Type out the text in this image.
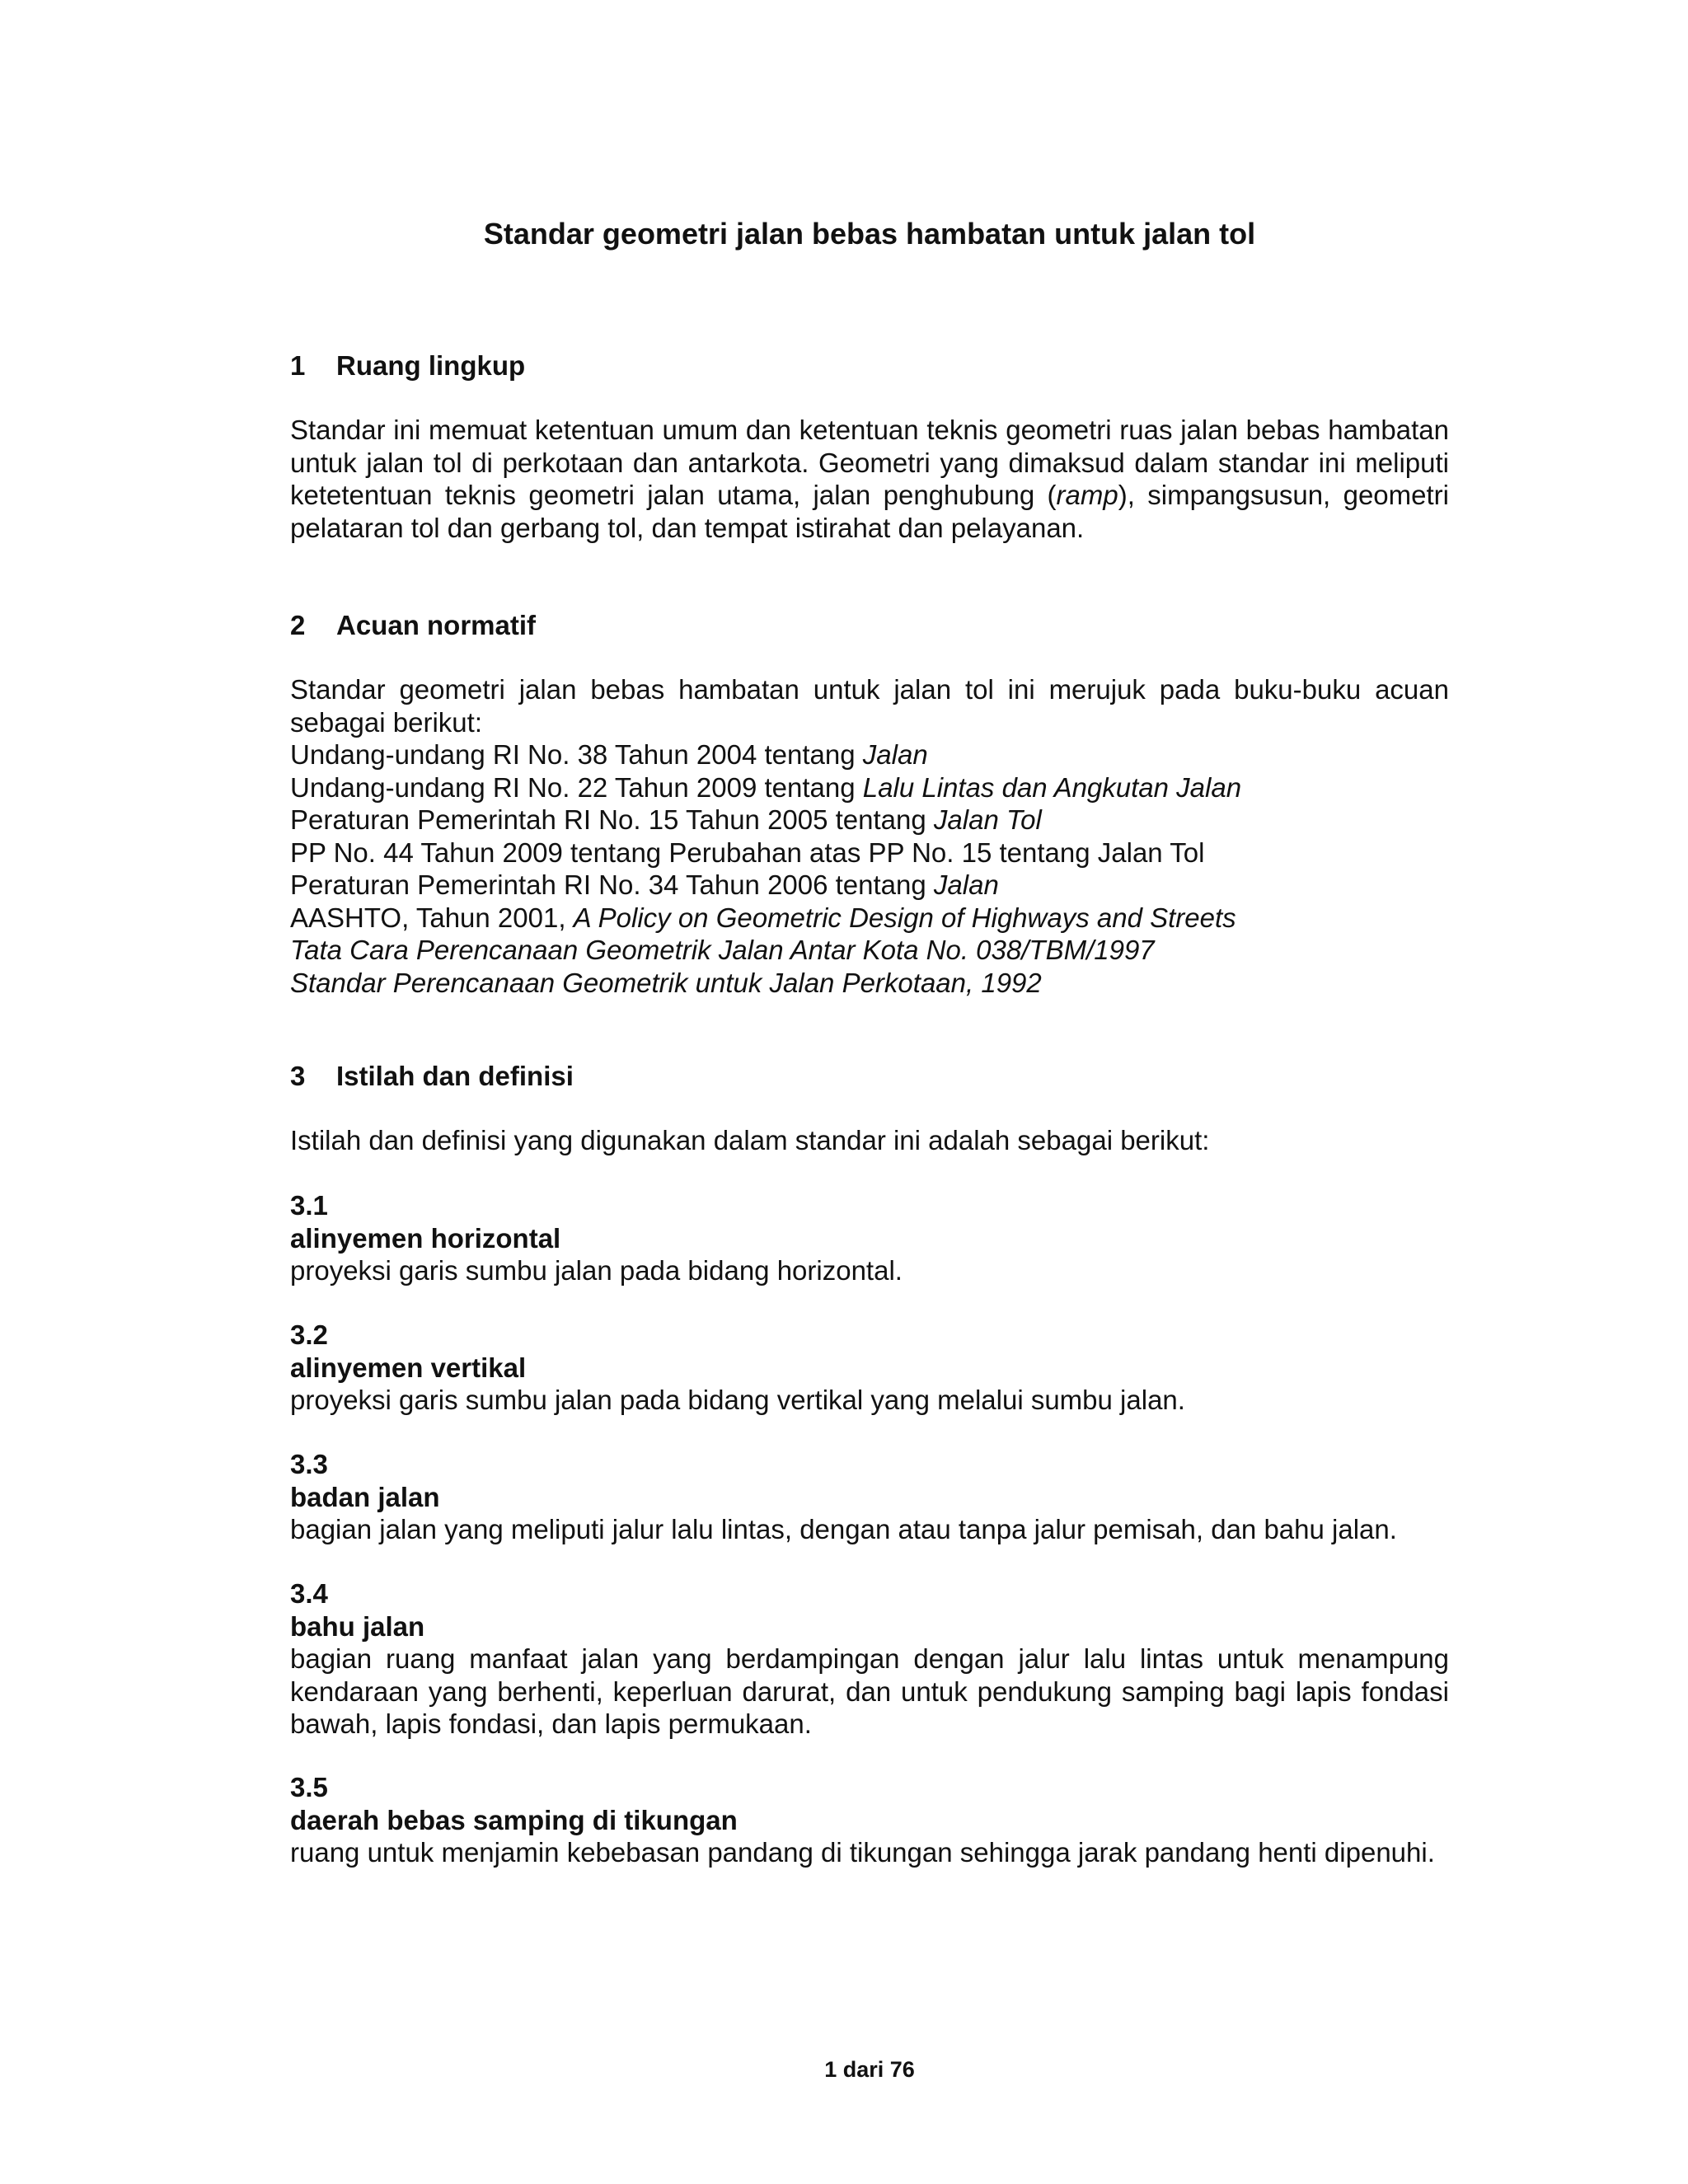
Standar geometri jalan bebas hambatan untuk jalan tol
1 Ruang lingkup

Standar ini memuat ketentuan umum dan ketentuan teknis geometri ruas jalan bebas hambatan untuk jalan tol di perkotaan dan antarkota. Geometri yang dimaksud dalam standar ini meliputi ketetentuan teknis geometri jalan utama, jalan penghubung (ramp), simpangsusun, geometri pelataran tol dan gerbang tol, dan tempat istirahat dan pelayanan.

2 Acuan normatif

Standar geometri jalan bebas hambatan untuk jalan tol ini merujuk pada buku-buku acuan sebagai berikut:

Undang-undang RI No. 38 Tahun 2004 tentang Jalan
Undang-undang RI No. 22 Tahun 2009 tentang Lalu Lintas dan Angkutan Jalan
Peraturan Pemerintah RI No. 15 Tahun 2005 tentang Jalan Tol
PP No. 44 Tahun 2009 tentang Perubahan atas PP No. 15 tentang Jalan Tol
Peraturan Pemerintah RI No. 34 Tahun 2006 tentang Jalan
AASHTO, Tahun 2001, A Policy on Geometric Design of Highways and Streets
Tata Cara Perencanaan Geometrik Jalan Antar Kota No. 038/TBM/1997
Standar Perencanaan Geometrik untuk Jalan Perkotaan, 1992
3 Istilah dan definisi

Istilah dan definisi yang digunakan dalam standar ini adalah sebagai berikut:

3.1
alinyemen horizontal
proyeksi garis sumbu jalan pada bidang horizontal.
3.2
alinyemen vertikal
proyeksi garis sumbu jalan pada bidang vertikal yang melalui sumbu jalan.
3.3
badan jalan
bagian jalan yang meliputi jalur lalu lintas, dengan atau tanpa jalur pemisah, dan bahu jalan.
3.4
bahu jalan
bagian ruang manfaat jalan yang berdampingan dengan jalur lalu lintas untuk menampung kendaraan yang berhenti, keperluan darurat, dan untuk pendukung samping bagi lapis fondasi bawah, lapis fondasi, dan lapis permukaan.
3.5
daerah bebas samping di tikungan
ruang untuk menjamin kebebasan pandang di tikungan sehingga jarak pandang henti dipenuhi.
1 dari 76
